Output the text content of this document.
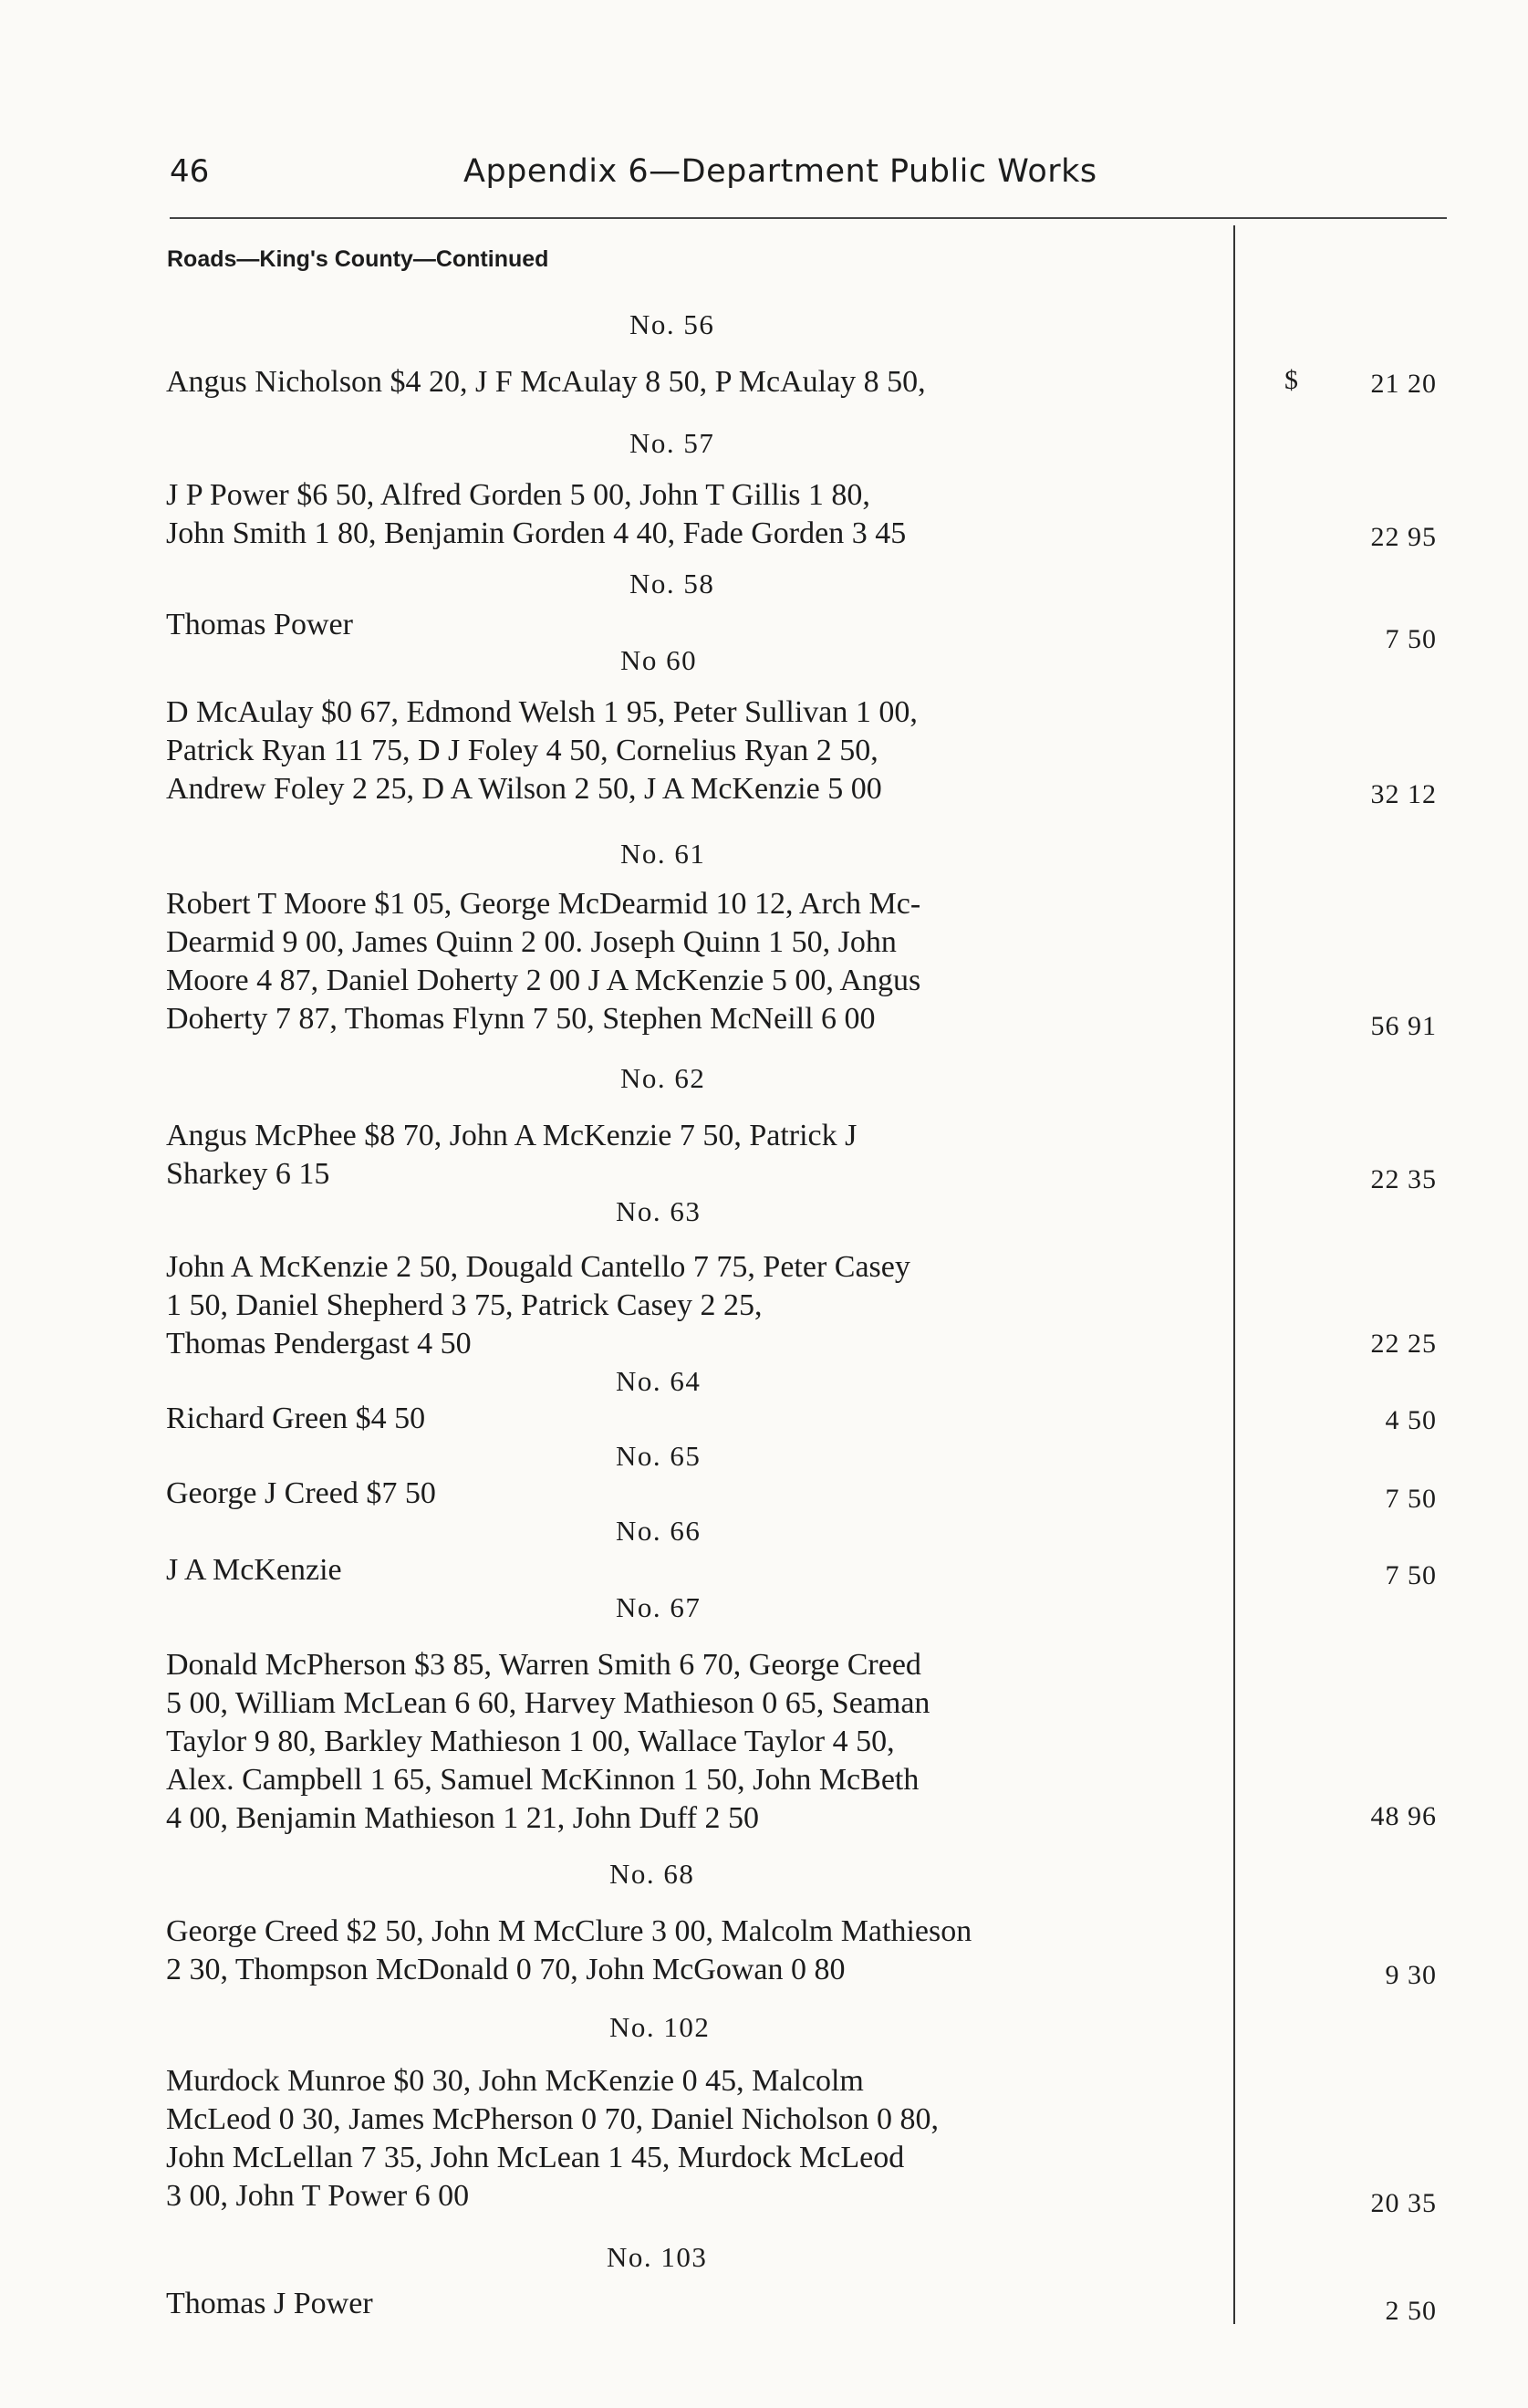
46	Appendix 6—Department Public Works
Roads—King's County—Continued
No. 56
Angus Nicholson $4 20, J F McAulay 8 50, P McAulay 8 50,	$	21 20
No. 57
J P Power $6 50, Alfred Gorden 5 00, John T Gillis 1 80,
John Smith 1 80, Benjamin Gorden 4 40, Fade Gorden 3 45	22 95
No. 58
Thomas Power	7 50
No 60
D McAulay $0 67, Edmond Welsh 1 95, Peter Sullivan 1 00,
Patrick Ryan 11 75, D J Foley 4 50, Cornelius Ryan 2 50,
Andrew Foley 2 25, D A Wilson 2 50, J A McKenzie 5 00	32 12
No. 61
Robert T Moore $1 05, George McDearmid 10 12, Arch Mc-
Dearmid 9 00, James Quinn 2 00. Joseph Quinn 1 50, John
Moore 4 87, Daniel Doherty 2 00 J A McKenzie 5 00, Angus
Doherty 7 87, Thomas Flynn 7 50, Stephen McNeill 6 00	56 91
No. 62
Angus McPhee $8 70, John A McKenzie 7 50, Patrick J
Sharkey 6 15	22 35
No. 63
John A McKenzie 2 50, Dougald Cantello 7 75, Peter Casey
1 50, Daniel Shepherd 3 75, Patrick Casey 2 25,
Thomas Pendergast 4 50	22 25
No. 64
Richard Green $4 50	4 50
No. 65
George J Creed $7 50	7 50
No. 66
J A McKenzie	7 50
No. 67
Donald McPherson $3 85, Warren Smith 6 70, George Creed
5 00, William McLean 6 60, Harvey Mathieson 0 65, Seaman
Taylor 9 80, Barkley Mathieson 1 00, Wallace Taylor 4 50,
Alex. Campbell 1 65, Samuel McKinnon 1 50, John McBeth
4 00, Benjamin Mathieson 1 21, John Duff 2 50	48 96
No. 68
George Creed $2 50, John M McClure 3 00, Malcolm Mathieson
2 30, Thompson McDonald 0 70, John McGowan 0 80	9 30
No. 102
Murdock Munroe $0 30, John McKenzie 0 45, Malcolm
McLeod 0 30, James McPherson 0 70, Daniel Nicholson 0 80,
John McLellan 7 35, John McLean 1 45, Murdock McLeod
3 00, John T Power 6 00	20 35
No. 103
Thomas J Power	2 50
